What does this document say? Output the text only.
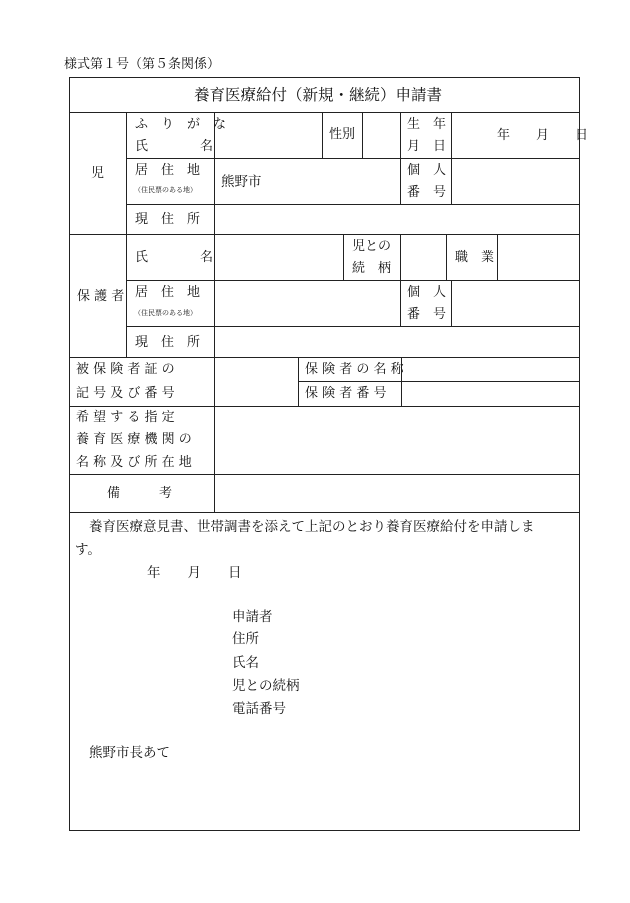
様式第１号（第５条関係）
養育医療給付（新規・継続）申請書
児
ふ　り　が　な
氏　　　　名
性別
生　年
月　日
年　　月　　日
居　住　地
（住民票のある地） 熊野市
個　人
番　号
現　住　所
保 護 者
氏　　　　名
児との
続　柄
職　業
居　住　地
（住民票のある地）
個　人
番　号
現　住　所
被 保 険 者 証 の
記 号 及 び 番 号
保 険 者 の 名 称
保 険 者 番 号
希 望 す る 指 定
養 育 医 療 機 関 の
名 称 及 び 所 在 地
備　　　考
養育医療意見書、世帯調書を添えて上記のとおり養育医療給付を申請しま
す。
年　　月　　日
申請者
住所
氏名
児との続柄
電話番号
熊野市長あて
